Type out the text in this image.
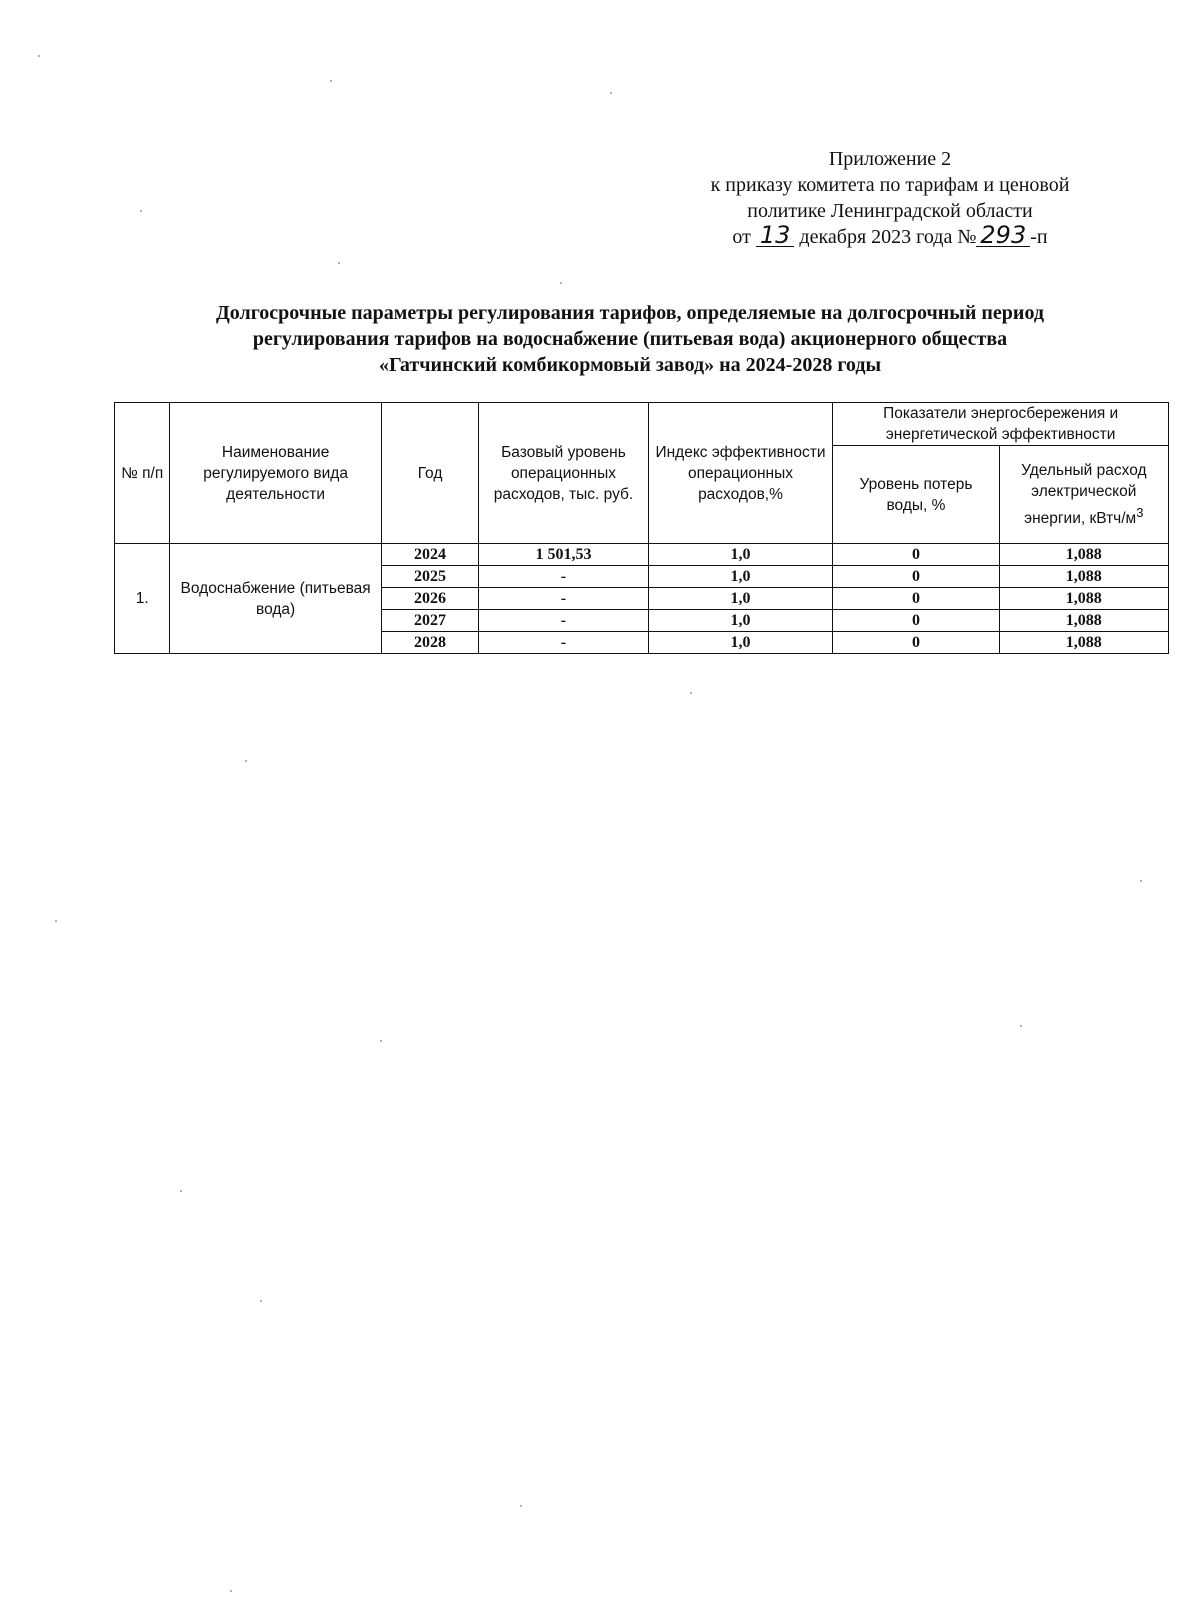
Приложение 2
к приказу комитета по тарифам и ценовой
политике Ленинградской области
от 13 декабря 2023 года № 293 -п
Долгосрочные параметры регулирования тарифов, определяемые на долгосрочный период
регулирования тарифов на водоснабжение (питьевая вода) акционерного общества
«Гатчинский комбикормовый завод» на 2024-2028 годы
№ п/п	Наименование регулируемого вида деятельности	Год	Базовый уровень операционных расходов, тыс. руб.	Индекс эффективности операционных расходов,%	Показатели энергосбережения и энергетической эффективности	
					Уровень потерь воды, %	Удельный расход электрической энергии, кВтч/$м^3$
1.	Водоснабжение (питьевая вода)	2024	1 501,53	1,0	0	1,088
		2025	-	1,0	0	1,088
		2026	-	1,0	0	1,088
		2027	-	1,0	0	1,088
		2028	-	1,0	0	1,088
